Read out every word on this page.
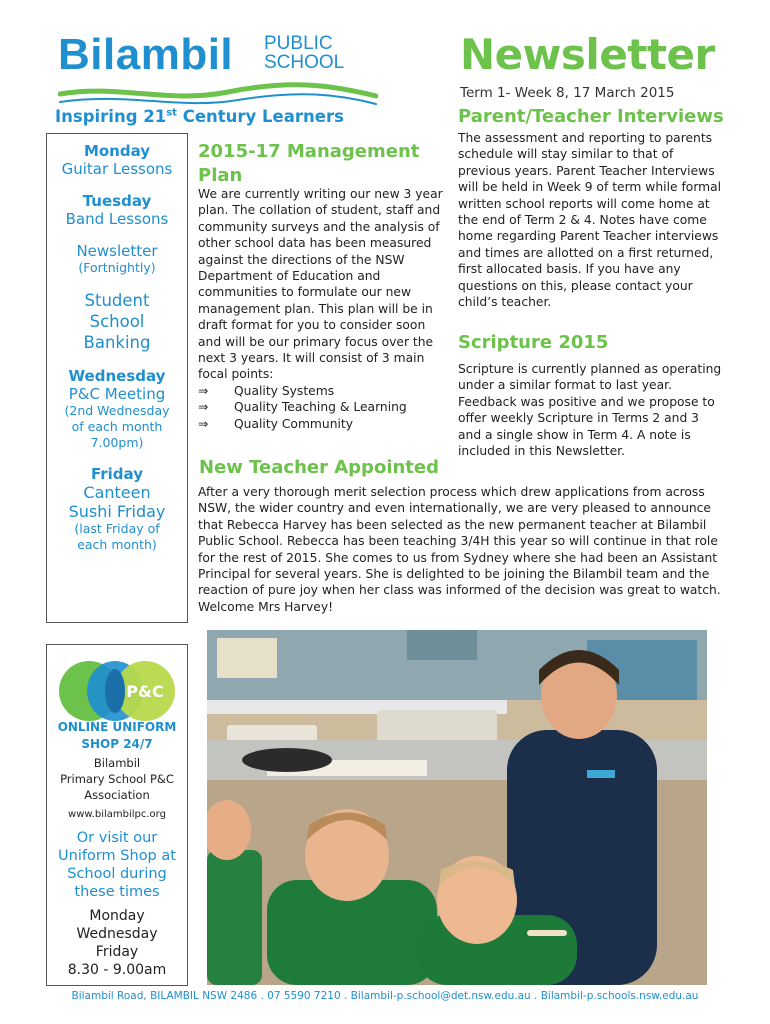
Bilambil PUBLIC
SCHOOL
Inspiring 21st Century Learners
Newsletter
Term 1- Week 8, 17 March 2015
Monday
Guitar Lessons
Tuesday
Band Lessons
Newsletter
(Fortnightly)
Student
School
Banking
Wednesday
P&C Meeting
(2nd Wednesday
of each month
7.00pm)
Friday
Canteen
Sushi Friday
(last Friday of
each month)
P&C
ONLINE UNIFORM
SHOP 24/7
Bilambil
Primary School P&C
Association
www.bilambilpc.org
Or visit our
Uniform Shop at
School during
these times
Monday
Wednesday
Friday
8.30 - 9.00am
2015-17 Management
Plan
We are currently writing our new 3 year plan. The collation of student, staff and community surveys and the analysis of other school data has been measured against the directions of the NSW Department of Education and communities to formulate our new management plan. This plan will be in draft format for you to consider soon and will be our primary focus over the next 3 years. It will consist of 3 main focal points:
⇒ Quality Systems
⇒ Quality Teaching & Learning
⇒ Quality Community
Parent/Teacher Interviews
The assessment and reporting to parents schedule will stay similar to that of previous years. Parent Teacher Interviews will be held in Week 9 of term while formal written school reports will come home at the end of Term 2 & 4. Notes have come home regarding Parent Teacher interviews and times are allotted on a first returned, first allocated basis. If you have any questions on this, please contact your child’s teacher.
Scripture 2015
Scripture is currently planned as operating under a similar format to last year. Feedback was positive and we propose to offer weekly Scripture in Terms 2 and 3 and a single show in Term 4. A note is included in this Newsletter.
New Teacher Appointed
After a very thorough merit selection process which drew applications from across NSW, the wider country and even internationally, we are very pleased to announce that Rebecca Harvey has been selected as the new permanent teacher at Bilambil Public School. Rebecca has been teaching 3/4H this year so will continue in that role for the rest of 2015. She comes to us from Sydney where she had been an Assistant Principal for several years. She is delighted to be joining the Bilambil team and the reaction of pure joy when her class was informed of the decision was great to watch.
Welcome Mrs Harvey!
Bilambil Road, BILAMBIL NSW 2486 . 07 5590 7210 . Bilambil-p.school@det.nsw.edu.au . Bilambil-p.schools.nsw.edu.au
